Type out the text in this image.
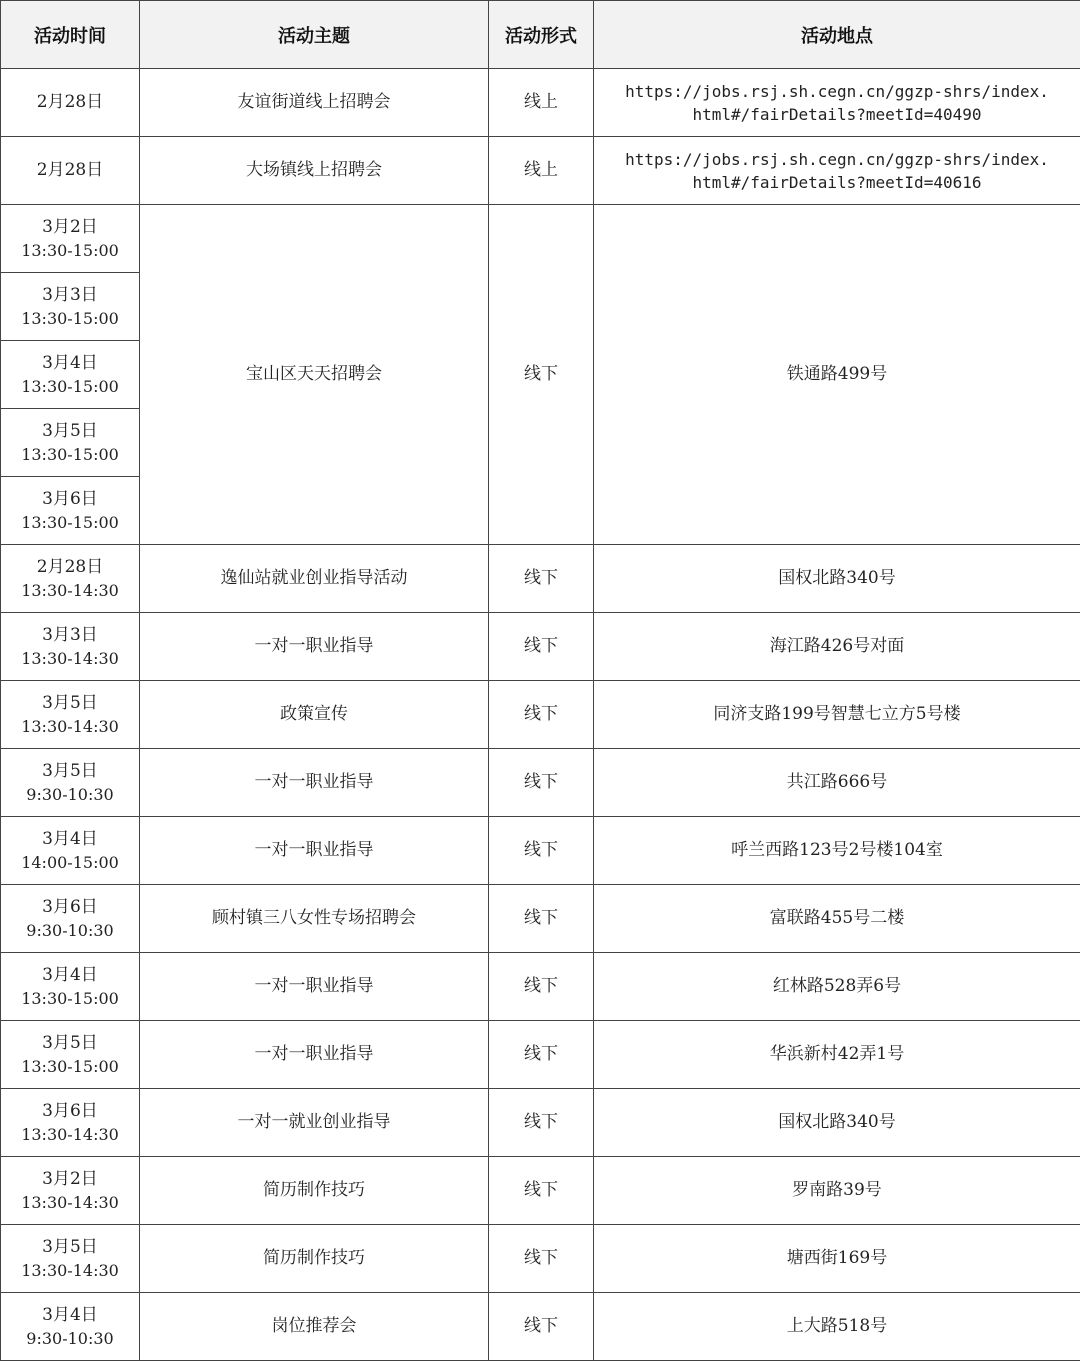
活动时间	活动主题	活动形式	活动地点

2月28日	友谊街道线上招聘会	线上	https://jobs.rsj.sh.cegn.cn/ggzp-shrs/index.html#/fairDetails?meetId=40490

2月28日	大场镇线上招聘会	线上	https://jobs.rsj.sh.cegn.cn/ggzp-shrs/index.html#/fairDetails?meetId=40616

3月2日
13:30-15:00	宝山区天天招聘会	线下	铁通路499号

3月3日
13:30-15:00			

3月4日
13:30-15:00			

3月5日
13:30-15:00			

3月6日
13:30-15:00			

2月28日
13:30-14:30	逸仙站就业创业指导活动	线下	国权北路340号

3月3日
13:30-14:30	一对一职业指导	线下	海江路426号对面

3月5日
13:30-14:30	政策宣传	线下	同济支路199号智慧七立方5号楼

3月5日
9:30-10:30	一对一职业指导	线下	共江路666号

3月4日
14:00-15:00	一对一职业指导	线下	呼兰西路123号2号楼104室

3月6日
9:30-10:30	顾村镇三八女性专场招聘会	线下	富联路455号二楼

3月4日
13:30-15:00	一对一职业指导	线下	红林路528弄6号

3月5日
13:30-15:00	一对一职业指导	线下	华浜新村42弄1号

3月6日
13:30-14:30	一对一就业创业指导	线下	国权北路340号

3月2日
13:30-14:30	简历制作技巧	线下	罗南路39号

3月5日
13:30-14:30	简历制作技巧	线下	塘西街169号

3月4日
9:30-10:30	岗位推荐会	线下	上大路518号
